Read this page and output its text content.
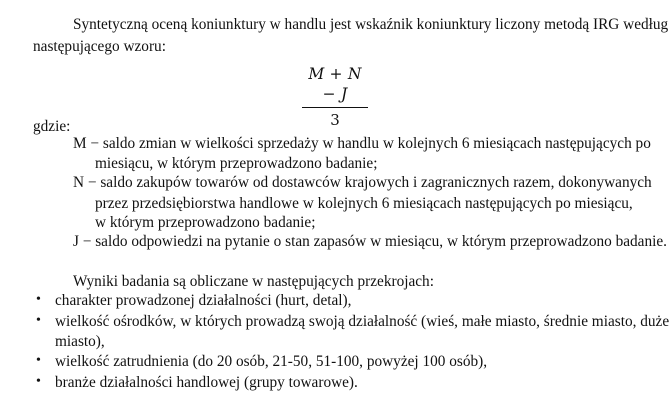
Syntetyczną oceną koniunktury w handlu jest wskaźnik koniunktury liczony metodą IRG według
następującego wzoru:
M + N − J
3
gdzie:
M − saldo zmian w wielkości sprzedaży w handlu w kolejnych 6 miesiącach następujących po
miesiącu, w którym przeprowadzono badanie;
N − saldo zakupów towarów od dostawców krajowych i zagranicznych razem, dokonywanych
przez przedsiębiorstwa handlowe w kolejnych 6 miesiącach następujących po miesiącu,
w którym przeprowadzono badanie;
J − saldo odpowiedzi na pytanie o stan zapasów w miesiącu, w którym przeprowadzono badanie.
Wyniki badania są obliczane w następujących przekrojach:
• charakter prowadzonej działalności (hurt, detal),
• wielkość ośrodków, w których prowadzą swoją działalność (wieś, małe miasto, średnie miasto, duże
miasto),
• wielkość zatrudnienia (do 20 osób, 21-50, 51-100, powyżej 100 osób),
• branże działalności handlowej (grupy towarowe).
